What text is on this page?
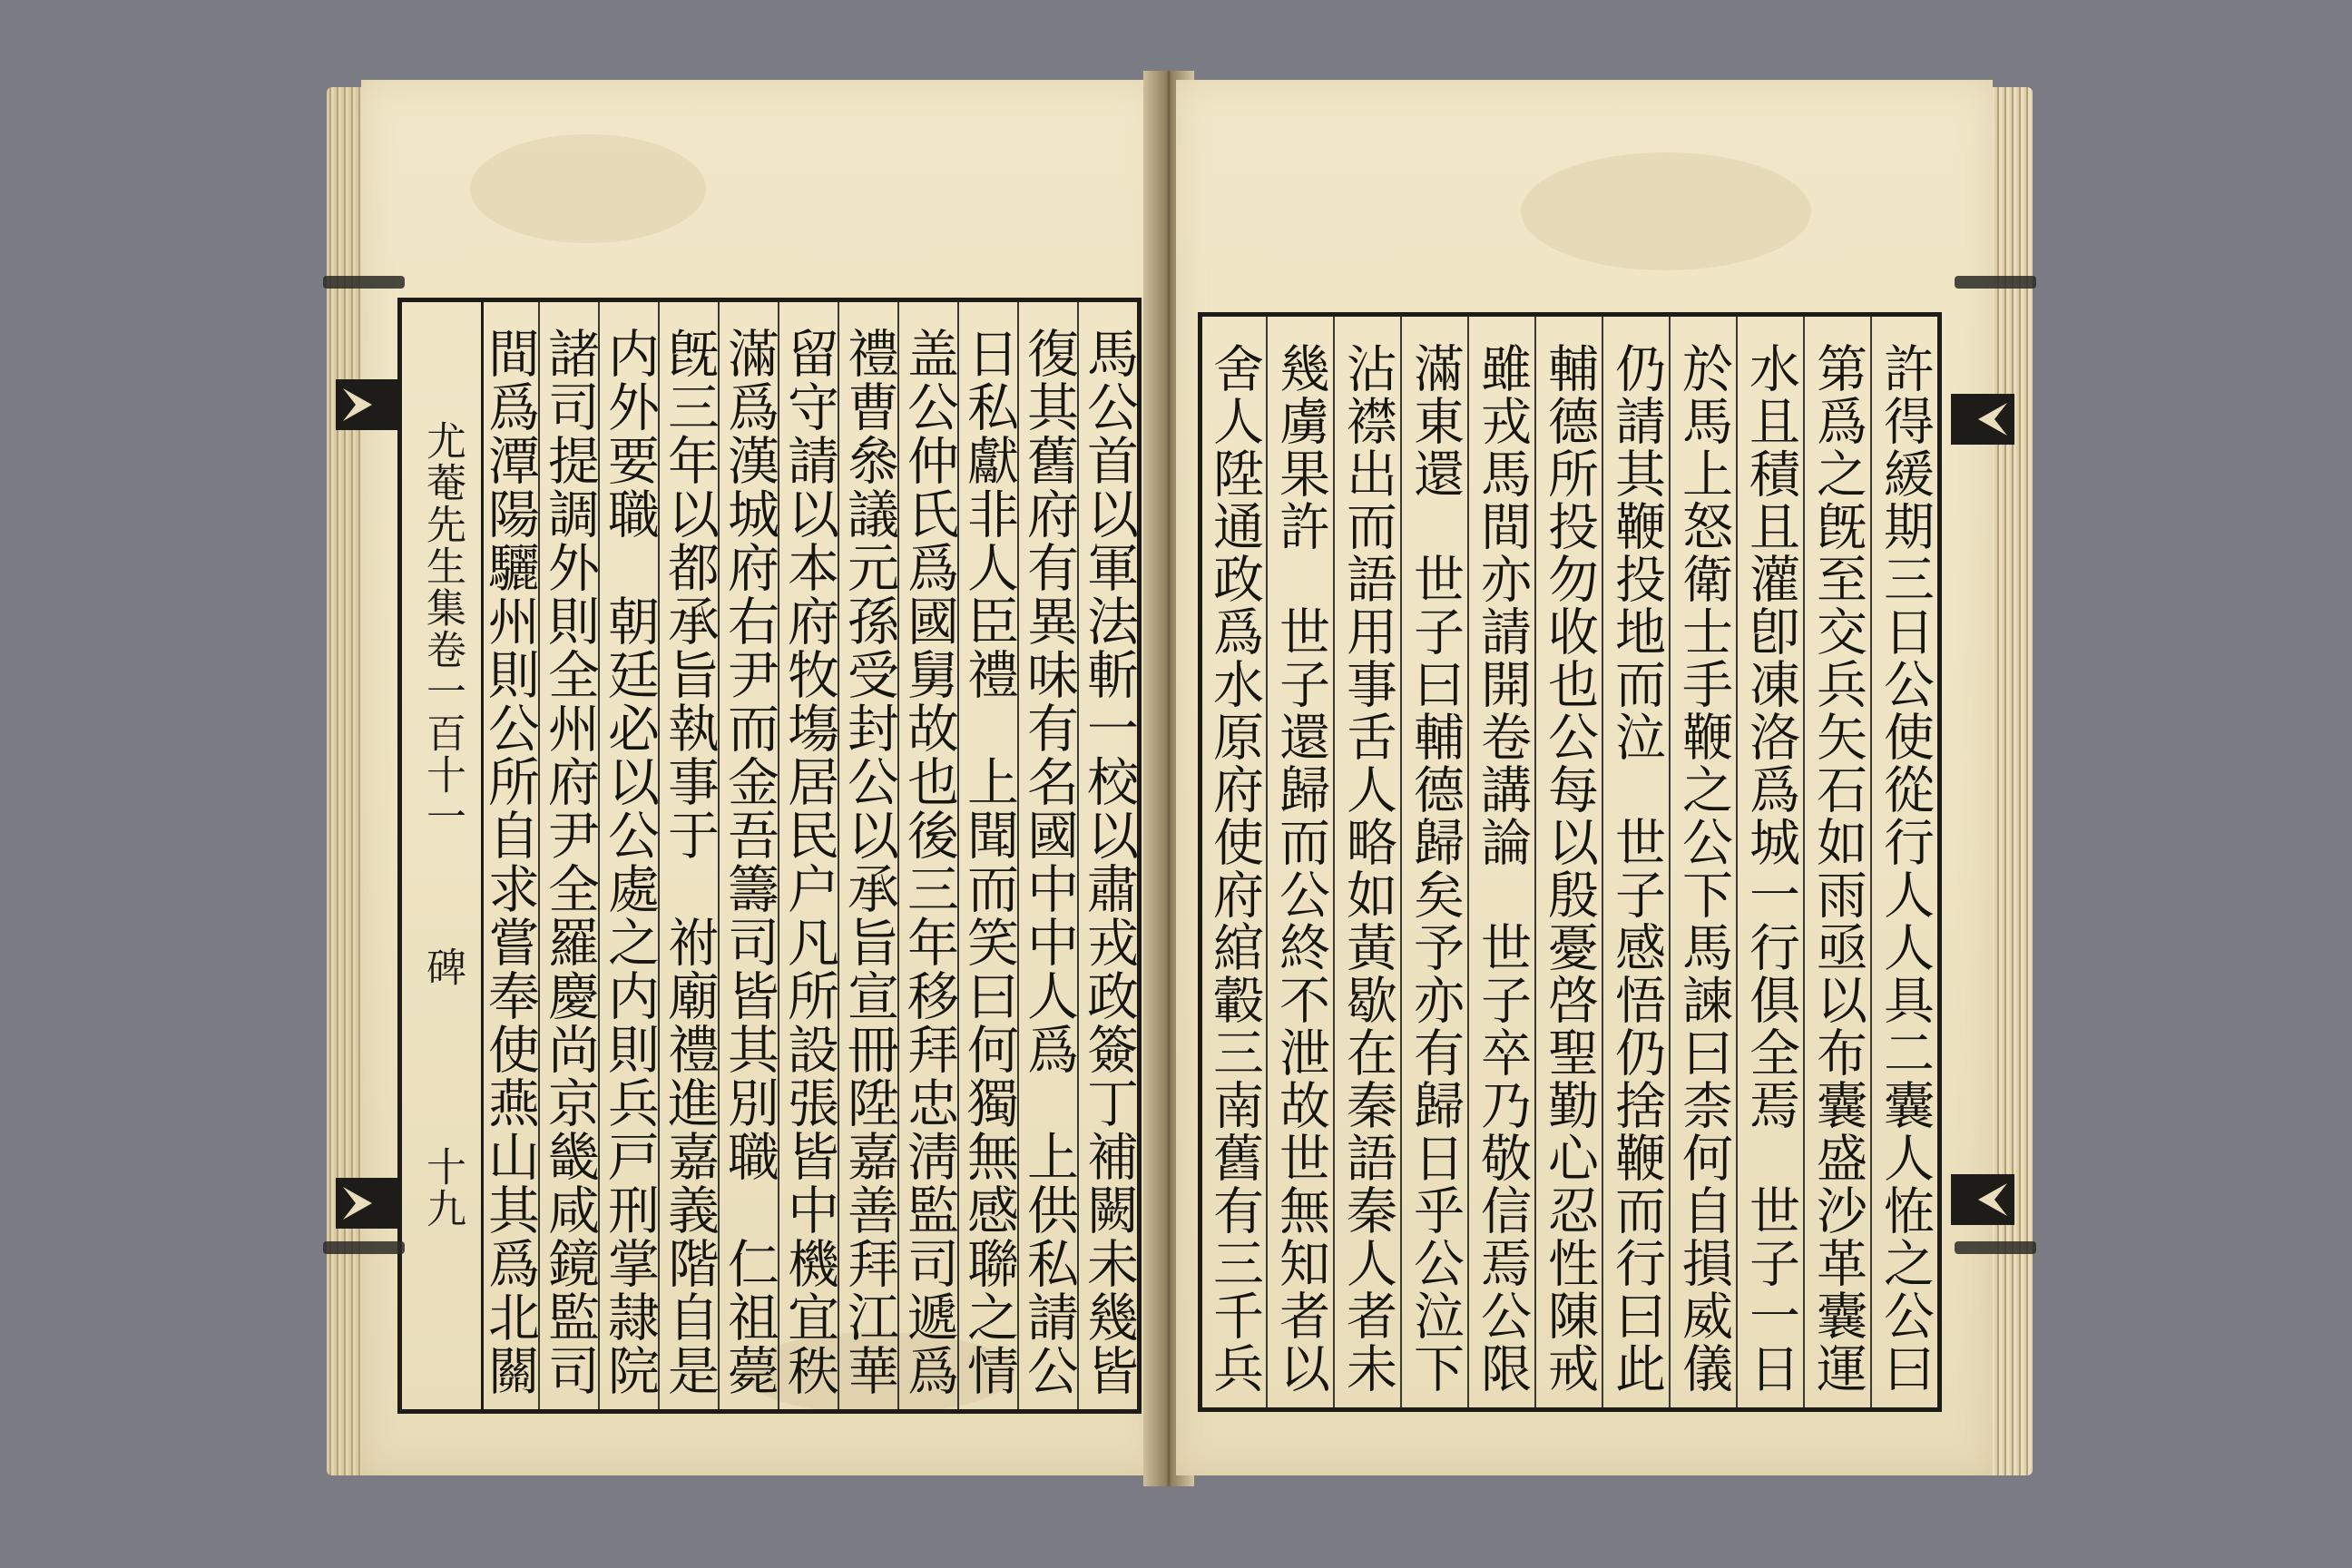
尤菴先生集卷一百十一
碑
十九	馬公首以軍法斬一校以肅戎政簽丁補闕未幾皆
復其舊府有異味有名國中中人爲　上供私請公
日私獻非人臣禮　上聞而笑曰何獨無感聯之情
盖公仲氏爲國舅故也後三年移拜忠淸監司遞爲
禮曹叅議元孫受封公以承旨宣冊陞嘉善拜江華
留守請以本府牧塲居民户凡所設張皆中機宜秩
滿爲漢城府右尹而金吾籌司皆其別職　仁祖薨
旣三年以都承旨執事于　祔廟禮進嘉義階自是
内外要職　朝廷必以公處之内則兵戸刑掌隷院
諸司提調外則全州府尹全羅慶尚京畿咸鏡監司
間爲潭陽驪州則公所自求嘗奉使燕山其爲北關	許得緩期三日公使從行人人具二囊人恠之公曰
第爲之旣至交兵矢石如雨亟以布囊盛沙革囊運
水且積且灌卽凍洛爲城一行俱全焉　世子一日
於馬上怒衛士手鞭之公下馬諫曰柰何自損威儀
仍請其鞭投地而泣　世子感悟仍捨鞭而行曰此
輔德所投勿收也公每以殷憂啓聖勤心忍性陳戒
雖戎馬間亦請開卷講論　世子卒乃敬信焉公限
滿東還　世子曰輔德歸矣予亦有歸日乎公泣下
沾襟出而語用事舌人略如黃歇在秦語秦人者未
幾虜果許　世子還歸而公終不泄故世無知者以
舍人陞通政爲水原府使府綰轂三南舊有三千兵
